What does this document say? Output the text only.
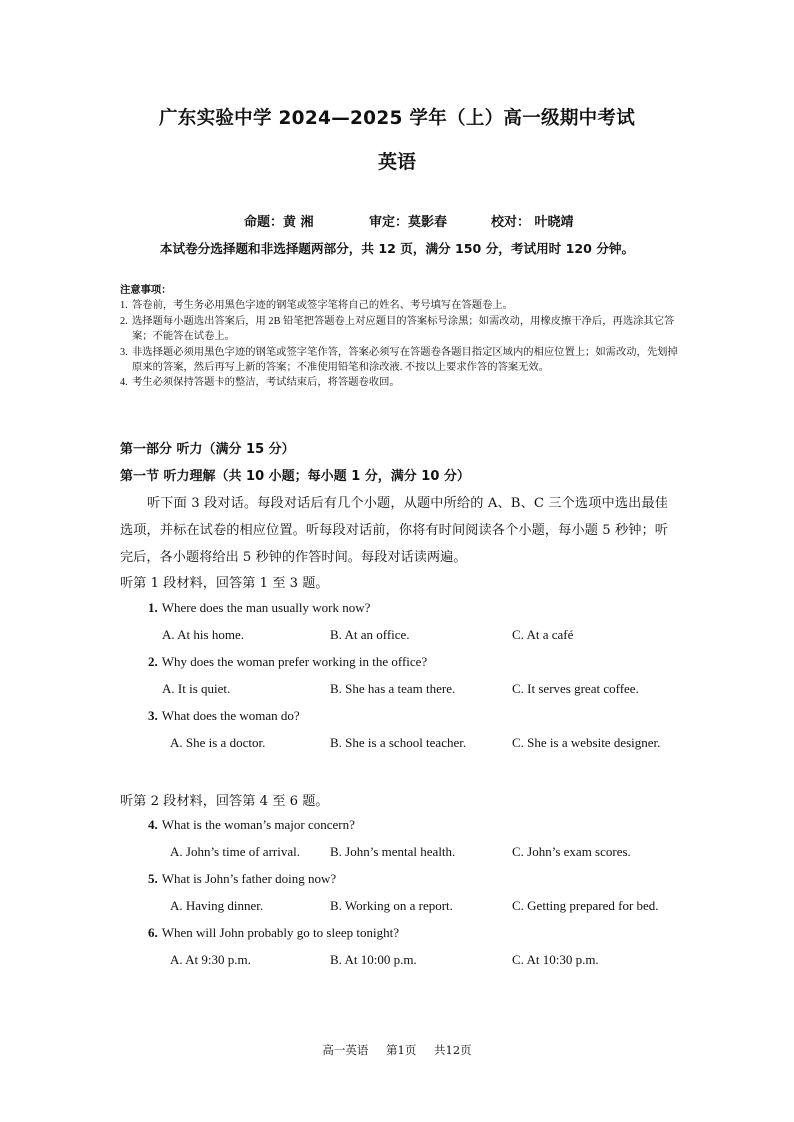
广东实验中学 2024—2025 学年（上）高一级期中考试
英语
命题：黄 湘	审定：莫影春	校对： 叶晓靖
本试卷分选择题和非选择题两部分，共 12 页，满分 150 分，考试用时 120 分钟。
注意事项：
1. 答卷前，考生务必用黑色字迹的钢笔或签字笔将自己的姓名、考号填写在答题卷上。
2. 选择题每小题选出答案后，用 2B 铅笔把答题卷上对应题目的答案标号涂黑；如需改动，用橡皮擦干净后，再选涂其它答案；不能答在试卷上。
3. 非选择题必须用黑色字迹的钢笔或签字笔作答，答案必须写在答题卷各题目指定区域内的相应位置上；如需改动，先划掉原来的答案，然后再写上新的答案；不准使用铅笔和涂改液. 不按以上要求作答的答案无效。
4. 考生必须保持答题卡的整洁，考试结束后，将答题卷收回。
第一部分 听力（满分 15 分）
第一节 听力理解（共 10 小题；每小题 1 分，满分 10 分）
听下面 3 段对话。每段对话后有几个小题，从题中所给的 A、B、C 三个选项中选出最佳选项，并标在试卷的相应位置。听每段对话前，你将有时间阅读各个小题，每小题 5 秒钟；听完后，各小题将给出 5 秒钟的作答时间。每段对话读两遍。
听第 1 段材料，回答第 1 至 3 题。
1. Where does the man usually work now?
A. At his home.	B. At an office.	C. At a café
2. Why does the woman prefer working in the office?
A. It is quiet.	B. She has a team there.	C. It serves great coffee.
3. What does the woman do?
A. She is a doctor.	B. She is a school teacher.	C. She is a website designer.
听第 2 段材料，回答第 4 至 6 题。
4. What is the woman’s major concern?
A. John’s time of arrival. B. John’s mental health.	C. John’s exam scores.
5. What is John’s father doing now?
A. Having dinner.	B. Working on a report.	C. Getting prepared for bed.
6. When will John probably go to sleep tonight?
A. At 9:30 p.m.	B. At 10:00 p.m.	C. At 10:30 p.m.
高一英语 第1页 共12页
